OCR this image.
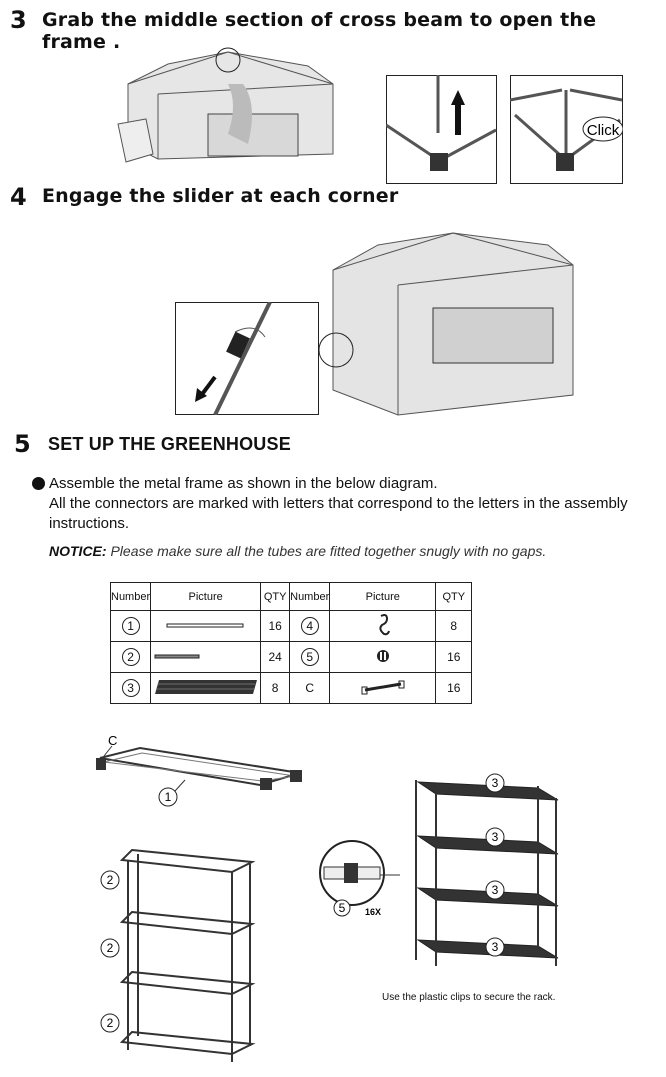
3 Grab the middle section of cross beam to open the frame .
Click
4 Engage the slider at each corner
5 SET UP THE GREENHOUSE
Assemble the metal frame as shown in the below diagram.
All the connectors are marked with letters that correspond to the letters in the assembly
instructions.
NOTICE: Please make sure all the tubes are fitted together snugly with no gaps.
Number	Picture	QTY	Number	Picture	QTY
1		16	4		8
2		24	5		16
3		8	C		16
C
1
2
2
2
5 16X
3
3
3
3
Use the plastic clips to secure the rack.
